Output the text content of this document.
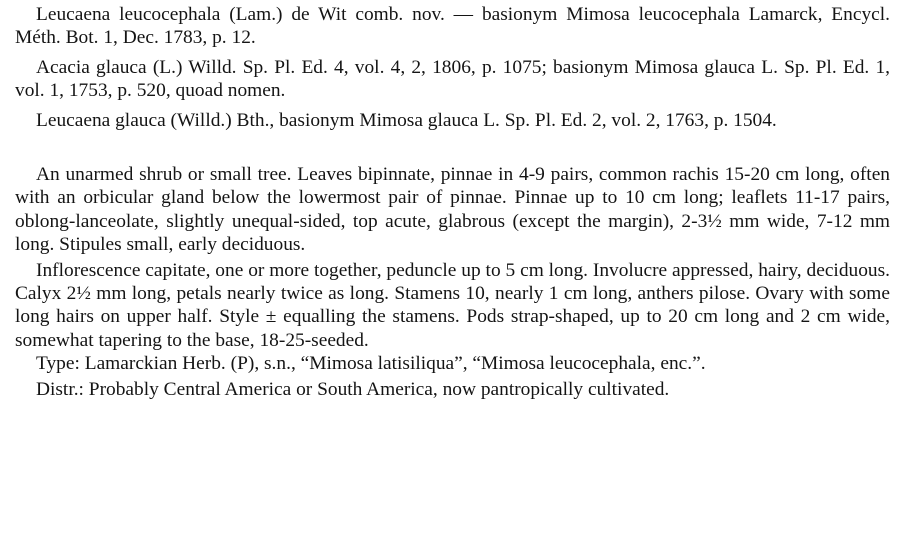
Leucaena leucocephala (Lam.) de Wit comb. nov. — basionym Mimosa leucocephala Lamarck, Encycl. Méth. Bot. 1, Dec. 1783, p. 12.

Acacia glauca (L.) Willd. Sp. Pl. Ed. 4, vol. 4, 2, 1806, p. 1075; basionym Mimosa glauca L. Sp. Pl. Ed. 1, vol. 1, 1753, p. 520, quoad nomen.

Leucaena glauca (Willd.) Bth., basionym Mimosa glauca L. Sp. Pl. Ed. 2, vol. 2, 1763, p. 1504.

An unarmed shrub or small tree. Leaves bipinnate, pinnae in 4-9 pairs, common rachis 15-20 cm long, often with an orbicular gland below the lowermost pair of pinnae. Pinnae up to 10 cm long; leaflets 11-17 pairs, oblong-lanceolate, slightly unequal-sided, top acute, glabrous (except the margin), 2-3½ mm wide, 7-12 mm long. Stipules small, early deciduous.

Inflorescence capitate, one or more together, peduncle up to 5 cm long. Involucre appressed, hairy, deciduous. Calyx 2½ mm long, petals nearly twice as long. Stamens 10, nearly 1 cm long, anthers pilose. Ovary with some long hairs on upper half. Style ± equalling the stamens. Pods strap-shaped, up to 20 cm long and 2 cm wide, somewhat tapering to the base, 18-25-seeded.

Type: Lamarckian Herb. (P), s.n., “Mimosa latisiliqua”, “Mimosa leucocephala, enc.”.

Distr.: Probably Central America or South America, now pantropically cultivated.
